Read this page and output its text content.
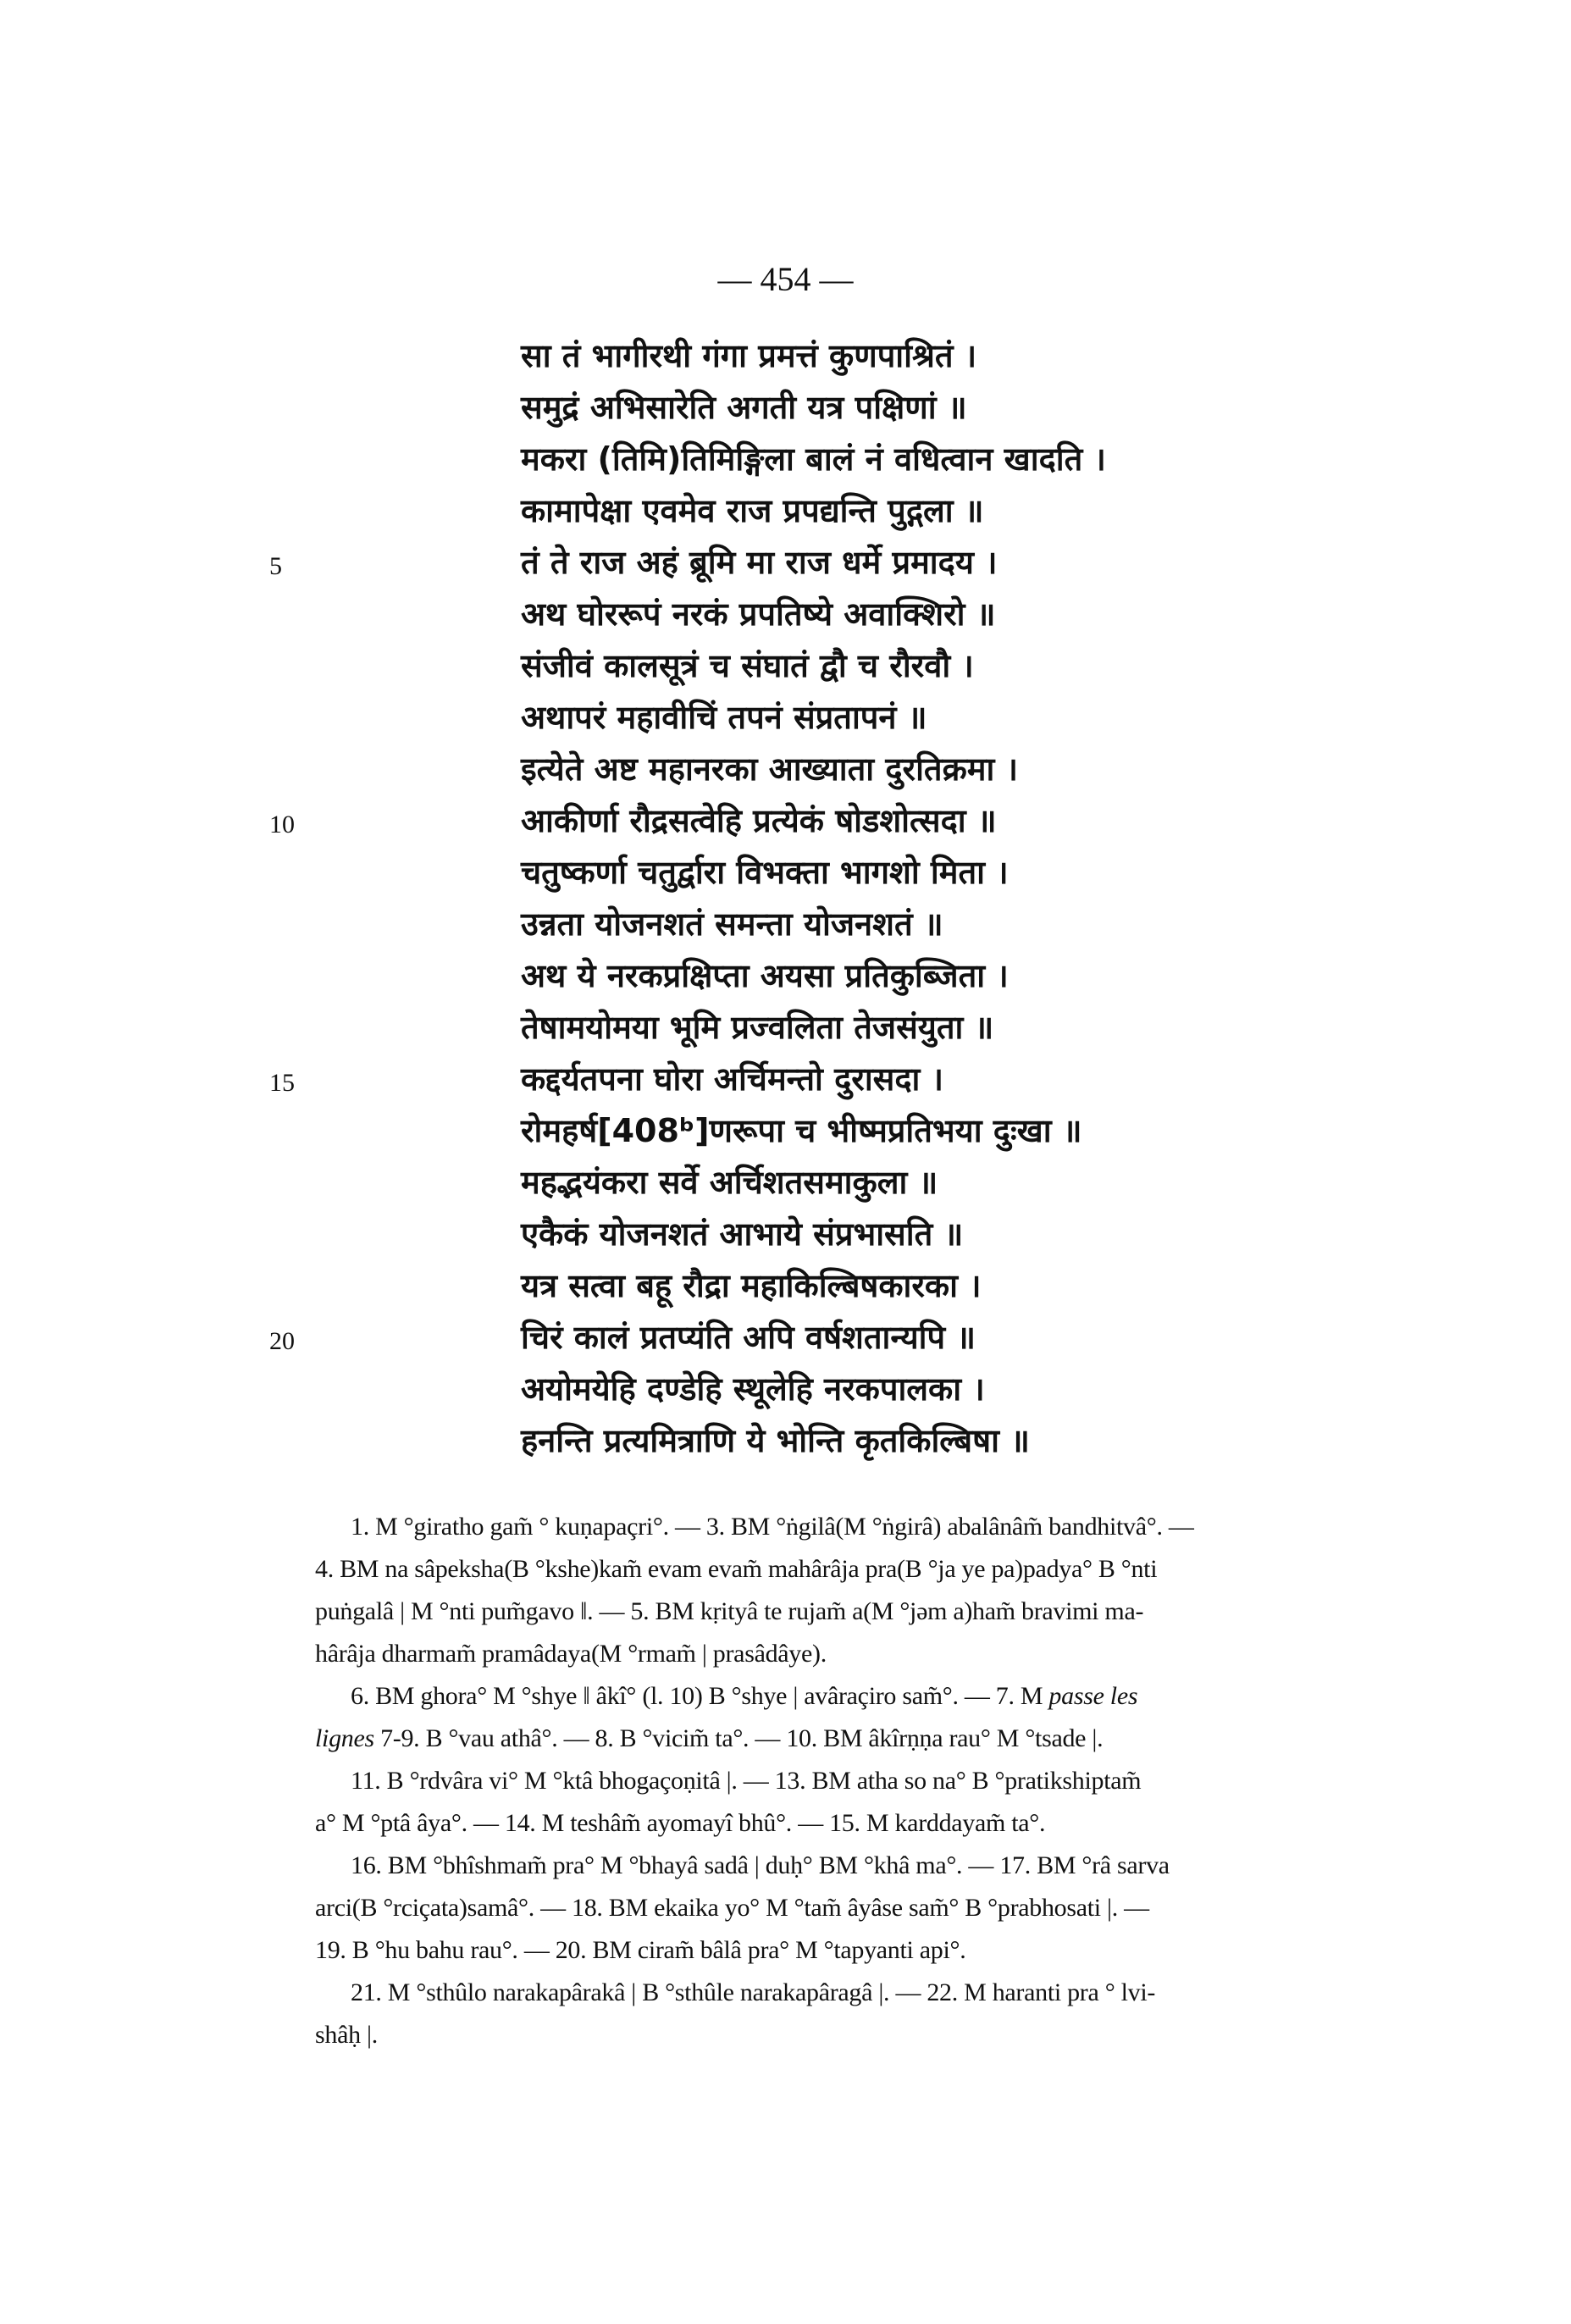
— 454 —
5
10
15
20
सा तं भागीरथी गंगा प्रमत्तं कुणपाश्रितं ।
समुद्रं अभिसारेति अगती यत्र पक्षिणां ॥
मकरा (तिमि)तिमिङ्गिला बालं नं वधित्वान खादति ।
कामापेक्षा एवमेव राज प्रपद्यन्ति पुद्गला ॥
तं ते राज अहं ब्रूमि मा राज धर्मे प्रमादय ।
अथ घोररूपं नरकं प्रपतिष्ये अवाक्शिरो ॥
संजीवं कालसूत्रं च संघातं द्वौ च रौरवौ ।
अथापरं महावीचिं तपनं संप्रतापनं ॥
इत्येते अष्ट महानरका आख्याता दुरतिक्रमा ।
आकीर्णा रौद्रसत्वेहि प्रत्येकं षोडशोत्सदा ॥
चतुष्कर्णा चतुर्द्वारा विभक्ता भागशो मिता ।
उन्नता योजनशतं समन्ता योजनशतं ॥
अथ ये नरकप्रक्षिप्ता अयसा प्रतिकुब्जिता ।
तेषामयोमया भूमि प्रज्वलिता तेजसंयुता ॥
कद्दर्यतपना घोरा अर्चिमन्तो दुरासदा ।
रोमहर्ष[408ᵇ]णरूपा च भीष्मप्रतिभया दुःखा ॥
महद्भयंकरा सर्वे अर्चिशतसमाकुला ॥
एकैकं योजनशतं आभाये संप्रभासति ॥
यत्र सत्वा बहू रौद्रा महाकिल्बिषकारका ।
चिरं कालं प्रतप्यंति अपि वर्षशतान्यपि ॥
अयोमयेहि दण्डेहि स्थूलेहि नरकपालका ।
हनन्ति प्रत्यमित्राणि ये भोन्ति कृतकिल्बिषा ॥
1. M °giratho gam̃ ° kuṇapaçri°. — 3. BM °ṅgilâ(M °ṅgirâ) abalânâm̃ bandhitvâ°. —
4. BM na sâpeksha(B °kshe)kam̃ evam evam̃ mahârâja pra(B °ja ye pa)padya° B °nti
puṅgalâ | M °nti pum̃gavo ‖. — 5. BM kṛityâ te rujam̃ a(M °jəm a)ham̃ bravimi ma-
hârâja dharmam̃ pramâdaya(M °rmam̃ | prasâdâye).
6. BM ghora° M °shye ‖ âkî° (l. 10) B °shye | avâraçiro sam̃°. — 7. M passe les
lignes 7-9. B °vau athâ°. — 8. B °vicim̃ ta°. — 10. BM âkîrṇṇa rau° M °tsade |.
11. B °rdvâra vi° M °ktâ bhogaçoṇitâ |. — 13. BM atha so na° B °pratikshiptam̃
a° M °ptâ âya°. — 14. M teshâm̃ ayomayî bhû°. — 15. M karddayam̃ ta°.
16. BM °bhîshmam̃ pra° M °bhayâ sadâ | duḥ° BM °khâ ma°. — 17. BM °râ sarva
arci(B °rciçata)samâ°. — 18. BM ekaika yo° M °tam̃ âyâse sam̃° B °prabhosati |. —
19. B °hu bahu rau°. — 20. BM ciram̃ bâlâ pra° M °tapyanti api°.
21. M °sthûlo narakapârakâ | B °sthûle narakapâragâ |. — 22. M haranti pra ° lvi-
shâḥ |.
